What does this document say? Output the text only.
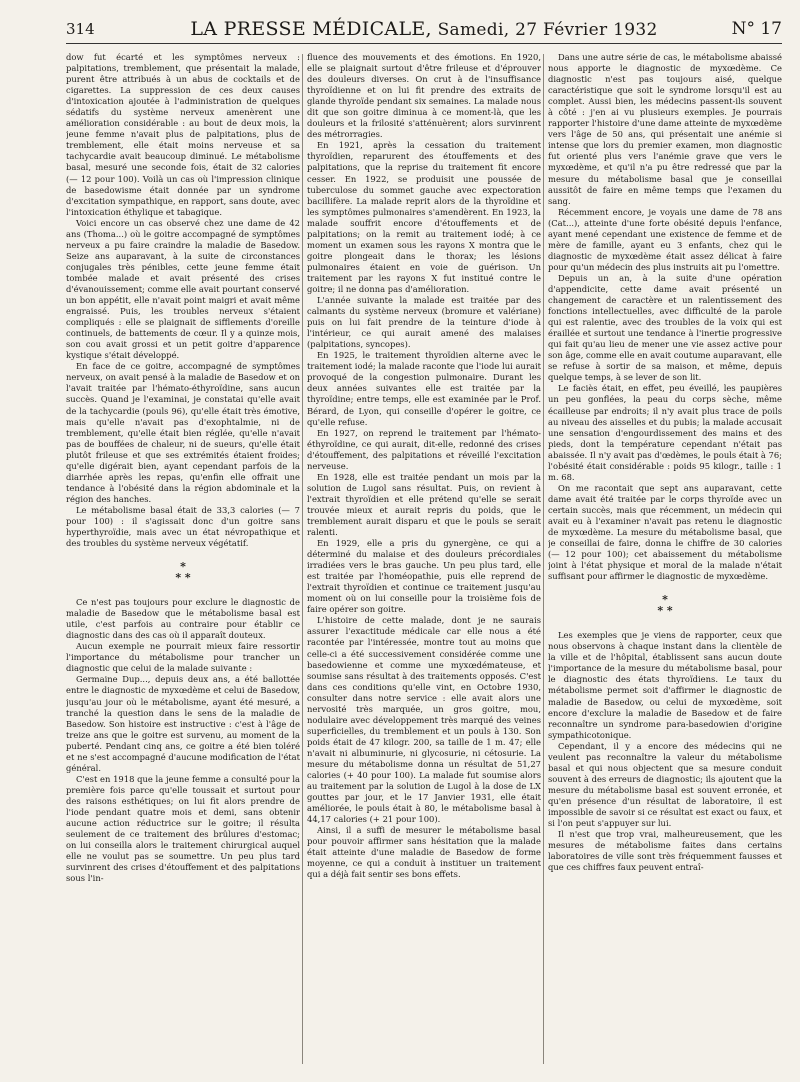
314	LA PRESSE MÉDICALE, Samedi, 27 Février 1932	N° 17

dow fut écarté et les symptômes nerveux : palpitations, tremblement, que présentait la malade, purent être attribués à un abus de cocktails et de cigarettes. La suppression de ces deux causes d'intoxication ajoutée à l'administration de quelques sédatifs du système nerveux amenèrent une amélioration considérable : au bout de deux mois, la jeune femme n'avait plus de palpitations, plus de tremblement, elle était moins nerveuse et sa tachycardie avait beaucoup diminué. Le métabolisme basal, mesuré une seconde fois, était de 32 calories (— 12 pour 100). Voilà un cas où l'impression clinique de basedowisme était donnée par un syndrome d'excitation sympathique, en rapport, sans doute, avec l'intoxication éthylique et tabagique.

Voici encore un cas observé chez une dame de 42 ans (Thoma...) où le goitre accompagné de symptômes nerveux a pu faire craindre la maladie de Basedow. Seize ans auparavant, à la suite de circonstances conjugales très pénibles, cette jeune femme était tombée malade et avait présenté des crises d'évanouissement; comme elle avait pourtant conservé un bon appétit, elle n'avait point maigri et avait même engraissé. Puis, les troubles nerveux s'étaient compliqués : elle se plaignait de sifflements d'oreille continuels, de battements de cœur. Il y a quinze mois, son cou avait grossi et un petit goitre d'apparence kystique s'était développé.

En face de ce goitre, accompagné de symptômes nerveux, on avait pensé à la maladie de Basedow et on l'avait traitée par l'hémato-éthyroïdine, sans aucun succès. Quand je l'examinai, je constatai qu'elle avait de la tachycardie (pouls 96), qu'elle était très émotive, mais qu'elle n'avait pas d'exophtalmie, ni de tremblement, qu'elle était bien réglée, qu'elle n'avait pas de bouffées de chaleur, ni de sueurs, qu'elle était plutôt frileuse et que ses extrémités étaient froides; qu'elle digérait bien, ayant cependant parfois de la diarrhée après les repas, qu'enfin elle offrait une tendance à l'obésité dans la région abdominale et la région des hanches.

Le métabolisme basal était de 33,3 calories (— 7 pour 100) : il s'agissait donc d'un goitre sans hyperthyroïdie, mais avec un état névropathique et des troubles du système nerveux végétatif.

*
* *

Ce n'est pas toujours pour exclure le diagnostic de maladie de Basedow que le métabolisme basal est utile, c'est parfois au contraire pour établir ce diagnostic dans des cas où il apparaît douteux.

Aucun exemple ne pourrait mieux faire ressortir l'importance du métabolisme pour trancher un diagnostic que celui de la malade suivante :

Germaine Dup..., depuis deux ans, a été ballottée entre le diagnostic de myxœdème et celui de Basedow, jusqu'au jour où le métabolisme, ayant été mesuré, a tranché la question dans le sens de la maladie de Basedow. Son histoire est instructive : c'est à l'âge de treize ans que le goitre est survenu, au moment de la puberté. Pendant cinq ans, ce goitre a été bien toléré et ne s'est accompagné d'aucune modification de l'état général.

C'est en 1918 que la jeune femme a consulté pour la première fois parce qu'elle toussait et surtout pour des raisons esthétiques; on lui fit alors prendre de l'iode pendant quatre mois et demi, sans obtenir aucune action réductrice sur le goitre; il résulta seulement de ce traitement des brûlures d'estomac; on lui conseilla alors le traitement chirurgical auquel elle ne voulut pas se soumettre. Un peu plus tard survinrent des crises d'étouffement et des palpitations sous l'in-

fluence des mouvements et des émotions. En 1920, elle se plaignait surtout d'être frileuse et d'éprouver des douleurs diverses. On crut à de l'insuffisance thyroïdienne et on lui fit prendre des extraits de glande thyroïde pendant six semaines. La malade nous dit que son goitre diminua à ce moment-là, que les douleurs et la frilosité s'atténuèrent; alors survinrent des métrorragies.

En 1921, après la cessation du traitement thyroïdien, reparurent des étouffements et des palpitations, que la reprise du traitement fit encore cesser. En 1922, se produisit une poussée de tuberculose du sommet gauche avec expectoration bacillifère. La malade reprit alors de la thyroïdine et les symptômes pulmonaires s'amendèrent. En 1923, la malade souffrit encore d'étouffements et de palpitations; on la remit au traitement iodé; à ce moment un examen sous les rayons X montra que le goitre plongeait dans le thorax; les lésions pulmonaires étaient en voie de guérison. Un traitement par les rayons X fut institué contre le goitre; il ne donna pas d'amélioration.

L'année suivante la malade est traitée par des calmants du système nerveux (bromure et valériane) puis on lui fait prendre de la teinture d'iode à l'intérieur, ce qui aurait amené des malaises (palpitations, syncopes).

En 1925, le traitement thyroïdien alterne avec le traitement iodé; la malade raconte que l'iode lui aurait provoqué de la congestion pulmonaire. Durant les deux années suivantes elle est traitée par la thyroïdine; entre temps, elle est examinée par le Prof. Bérard, de Lyon, qui conseille d'opérer le goitre, ce qu'elle refuse.

En 1927, on reprend le traitement par l'hémato-éthyroïdine, ce qui aurait, dit-elle, redonné des crises d'étouffement, des palpitations et réveillé l'excitation nerveuse.

En 1928, elle est traitée pendant un mois par la solution de Lugol sans résultat. Puis, on revient à l'extrait thyroïdien et elle prétend qu'elle se serait trouvée mieux et aurait repris du poids, que le tremblement aurait disparu et que le pouls se serait ralenti.

En 1929, elle a pris du gynergène, ce qui a déterminé du malaise et des douleurs précordiales irradiées vers le bras gauche. Un peu plus tard, elle est traitée par l'homéopathie, puis elle reprend de l'extrait thyroïdien et continue ce traitement jusqu'au moment où on lui conseille pour la troisième fois de faire opérer son goitre.

L'histoire de cette malade, dont je ne saurais assurer l'exactitude médicale car elle nous a été racontée par l'intéressée, montre tout au moins que celle-ci a été successivement considérée comme une basedowienne et comme une myxœdémateuse, et soumise sans résultat à des traitements opposés. C'est dans ces conditions qu'elle vint, en Octobre 1930, consulter dans notre service : elle avait alors une nervosité très marquée, un gros goitre, mou, nodulaire avec développement très marqué des veines superficielles, du tremblement et un pouls à 130. Son poids était de 47 kilogr. 200, sa taille de 1 m. 47; elle n'avait ni albuminurie, ni glycosurie, ni cétosurie. La mesure du métabolisme donna un résultat de 51,27 calories (+ 40 pour 100). La malade fut soumise alors au traitement par la solution de Lugol à la dose de LX gouttes par jour, et le 17 Janvier 1931, elle était améliorée, le pouls était à 80, le métabolisme basal à 44,17 calories (+ 21 pour 100).

Ainsi, il a suffi de mesurer le métabolisme basal pour pouvoir affirmer sans hésitation que la malade était atteinte d'une maladie de Basedow de forme moyenne, ce qui a conduit à instituer un traitement qui a déjà fait sentir ses bons effets.

Dans une autre série de cas, le métabolisme abaissé nous apporte le diagnostic de myxœdème. Ce diagnostic n'est pas toujours aisé, quelque caractéristique que soit le syndrome lorsqu'il est au complet. Aussi bien, les médecins passent-ils souvent à côté : j'en ai vu plusieurs exemples. Je pourrais rapporter l'histoire d'une dame atteinte de myxœdème vers l'âge de 50 ans, qui présentait une anémie si intense que lors du premier examen, mon diagnostic fut orienté plus vers l'anémie grave que vers le myxœdème, et qu'il n'a pu être redressé que par la mesure du métabolisme basal que je conseillai aussitôt de faire en même temps que l'examen du sang.

Récemment encore, je voyais une dame de 78 ans (Cat...), atteinte d'une forte obésité depuis l'enfance, ayant mené cependant une existence de femme et de mère de famille, ayant eu 3 enfants, chez qui le diagnostic de myxœdème était assez délicat à faire pour qu'un médecin des plus instruits ait pu l'omettre.

Depuis un an, à la suite d'une opération d'appendicite, cette dame avait présenté un changement de caractère et un ralentissement des fonctions intellectuelles, avec difficulté de la parole qui est ralentie, avec des troubles de la voix qui est éraillée et surtout une tendance à l'inertie progressive qui fait qu'au lieu de mener une vie assez active pour son âge, comme elle en avait coutume auparavant, elle se refuse à sortir de sa maison, et même, depuis quelque temps, à se lever de son lit.

Le faciès était, en effet, peu éveillé, les paupières un peu gonflées, la peau du corps sèche, même écailleuse par endroits; il n'y avait plus trace de poils au niveau des aisselles et du pubis; la malade accusait une sensation d'engourdissement des mains et des pieds, dont la température cependant n'était pas abaissée. Il n'y avait pas d'œdèmes, le pouls était à 76; l'obésité était considérable : poids 95 kilogr., taille : 1 m. 68.

On me racontait que sept ans auparavant, cette dame avait été traitée par le corps thyroïde avec un certain succès, mais que récemment, un médecin qui avait eu à l'examiner n'avait pas retenu le diagnostic de myxœdème. La mesure du métabolisme basal, que je conseillai de faire, donna le chiffre de 30 calories (— 12 pour 100); cet abaissement du métabolisme joint à l'état physique et moral de la malade n'était suffisant pour affirmer le diagnostic de myxœdème.

*
* *

Les exemples que je viens de rapporter, ceux que nous observons à chaque instant dans la clientèle de la ville et de l'hôpital, établissent sans aucun doute l'importance de la mesure du métabolisme basal, pour le diagnostic des états thyroïdiens. Le taux du métabolisme permet soit d'affirmer le diagnostic de maladie de Basedow, ou celui de myxœdème, soit encore d'exclure la maladie de Basedow et de faire reconnaître un syndrome para-basedowien d'origine sympathicotonique.

Cependant, il y a encore des médecins qui ne veulent pas reconnaître la valeur du métabolisme basal et qui nous objectent que sa mesure conduit souvent à des erreurs de diagnostic; ils ajoutent que la mesure du métabolisme basal est souvent erronée, et qu'en présence d'un résultat de laboratoire, il est impossible de savoir si ce résultat est exact ou faux, et si l'on peut s'appuyer sur lui.

Il n'est que trop vrai, malheureusement, que les mesures de métabolisme faites dans certains laboratoires de ville sont très fréquemment fausses et que ces chiffres faux peuvent entraî-
